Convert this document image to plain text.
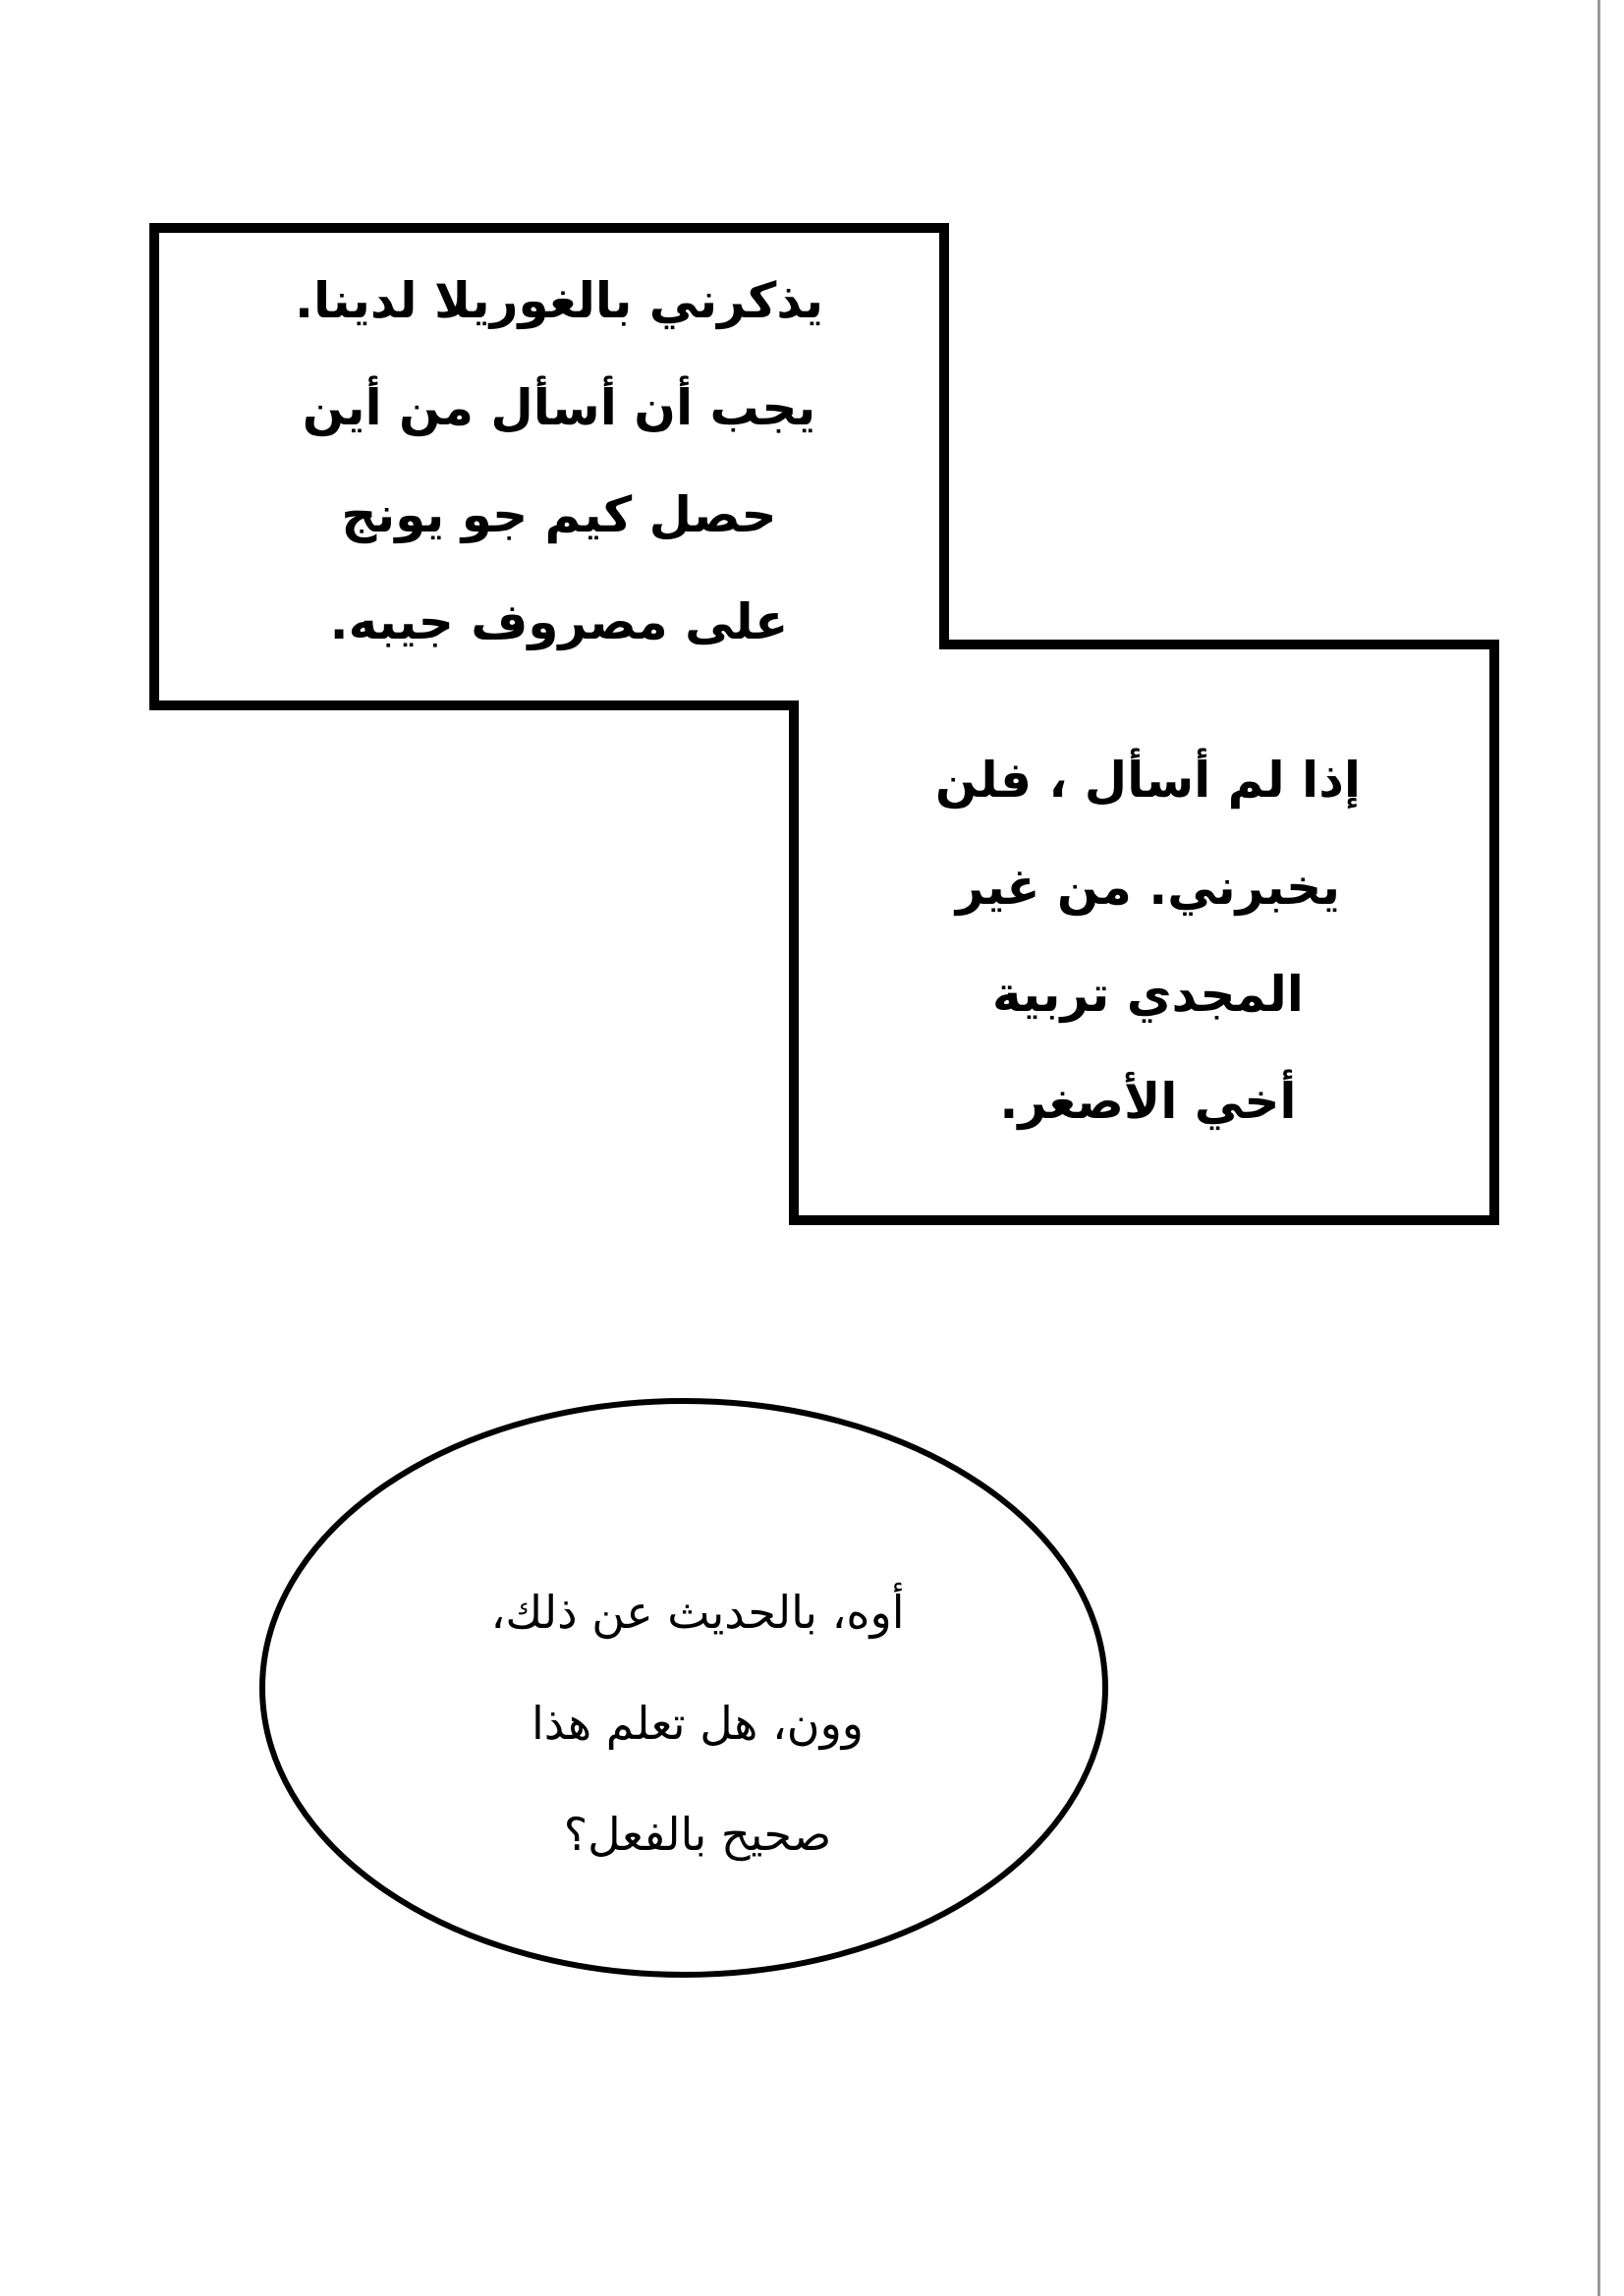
يذكرني بالغوريلا لدينا.
يجب أن أسأل من أين
حصل كيم جو يونج
على مصروف جيبه.
إذا لم أسأل ، فلن
يخبرني. من غير
المجدي تربية
أخي الأصغر.
أوه، بالحديث عن ذلك،
وون، هل تعلم هذا
صحيح بالفعل؟
